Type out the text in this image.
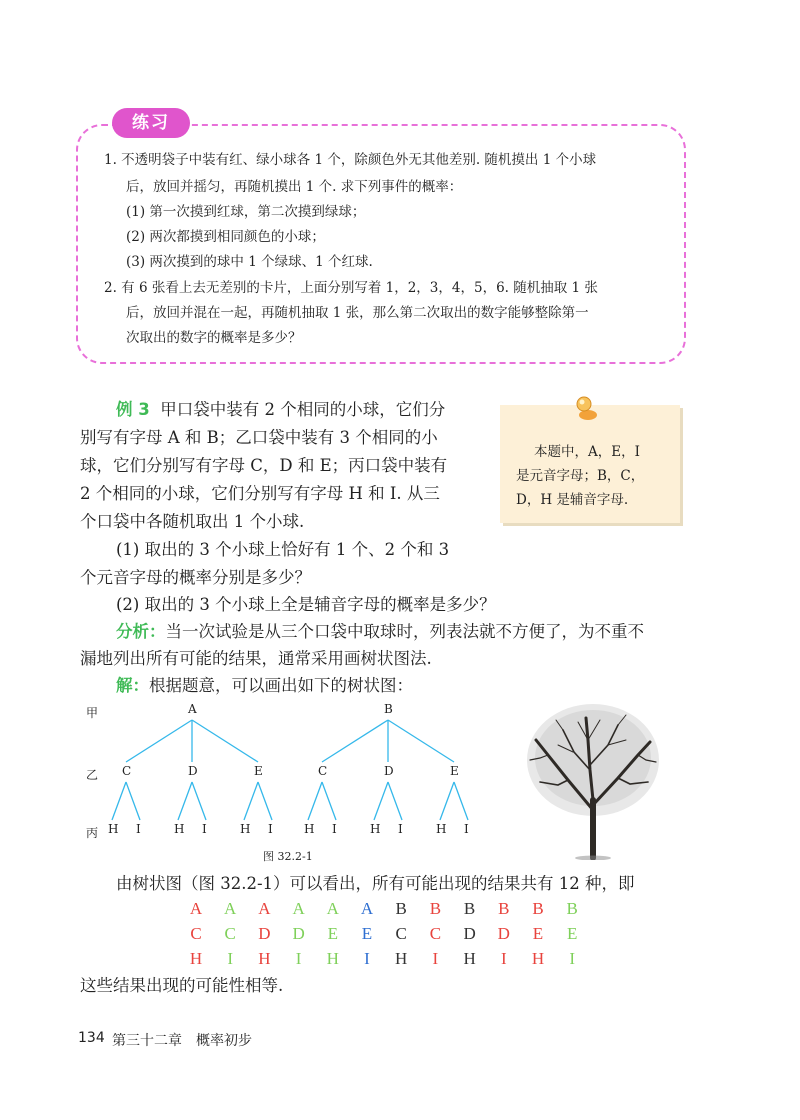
练习
1. 不透明袋子中装有红、绿小球各 1 个，除颜色外无其他差别. 随机摸出 1 个小球
后，放回并摇匀，再随机摸出 1 个. 求下列事件的概率：
(1) 第一次摸到红球，第二次摸到绿球；
(2) 两次都摸到相同颜色的小球；
(3) 两次摸到的球中 1 个绿球、1 个红球.
2. 有 6 张看上去无差别的卡片，上面分别写着 1，2，3，4，5，6. 随机抽取 1 张
后，放回并混在一起，再随机抽取 1 张，那么第二次取出的数字能够整除第一
次取出的数字的概率是多少？
例 3 甲口袋中装有 2 个相同的小球，它们分
别写有字母 A 和 B；乙口袋中装有 3 个相同的小
球，它们分别写有字母 C，D 和 E；丙口袋中装有
2 个相同的小球，它们分别写有字母 H 和 I. 从三
个口袋中各随机取出 1 个小球.
(1) 取出的 3 个小球上恰好有 1 个、2 个和 3
个元音字母的概率分别是多少？
(2) 取出的 3 个小球上全是辅音字母的概率是多少？
本题中，A，E，I
是元音字母；B，C，
D，H 是辅音字母.
分析：当一次试验是从三个口袋中取球时，列表法就不方便了，为不重不
漏地列出所有可能的结果，通常采用画树状图法.
解：根据题意，可以画出如下的树状图：
甲
乙
丙
A	B
C	D	E	C	D	E
H I	H I	H I	H I	H I	H I
图 32.2-1
由树状图（图 32.2-1）可以看出，所有可能出现的结果共有 12 种，即
A A A A A A B B B B B B
C C D D E E C C D D E E
H	I	H	I	H	I	H	I	H	I	H	I
这些结果出现的可能性相等.
134 第三十二章　概率初步
